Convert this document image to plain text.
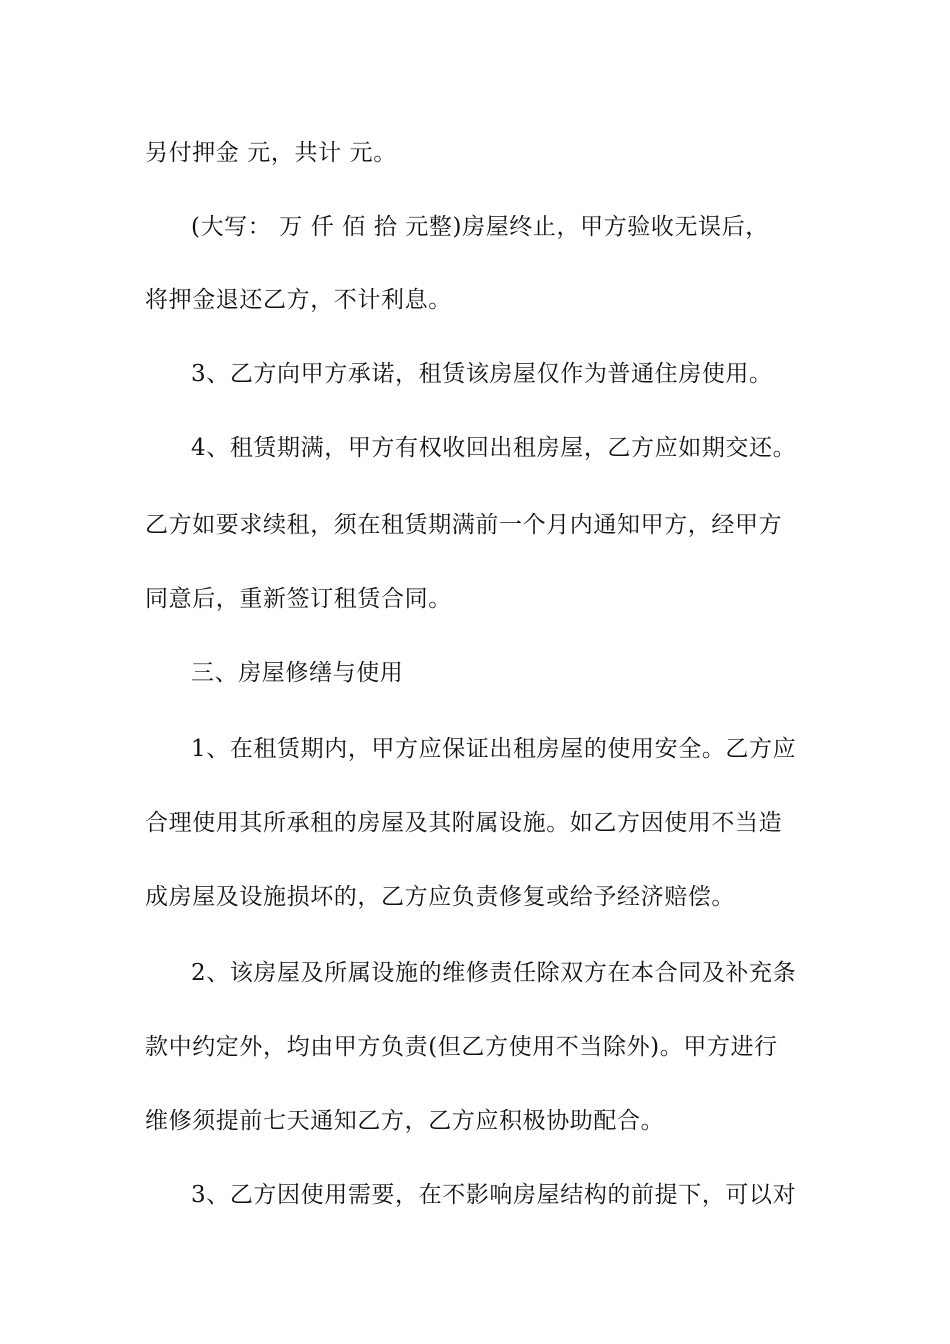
另付押金 元，共计 元。
(大写： 万 仟 佰 拾 元整)房屋终止，甲方验收无误后，
将押金退还乙方，不计利息。
3、乙方向甲方承诺，租赁该房屋仅作为普通住房使用。
4、租赁期满，甲方有权收回出租房屋，乙方应如期交还。
乙方如要求续租，须在租赁期满前一个月内通知甲方，经甲方
同意后，重新签订租赁合同。
三、房屋修缮与使用
1、在租赁期内，甲方应保证出租房屋的使用安全。乙方应
合理使用其所承租的房屋及其附属设施。如乙方因使用不当造
成房屋及设施损坏的，乙方应负责修复或给予经济赔偿。
2、该房屋及所属设施的维修责任除双方在本合同及补充条
款中约定外，均由甲方负责(但乙方使用不当除外)。甲方进行
维修须提前七天通知乙方，乙方应积极协助配合。
3、乙方因使用需要，在不影响房屋结构的前提下，可以对
